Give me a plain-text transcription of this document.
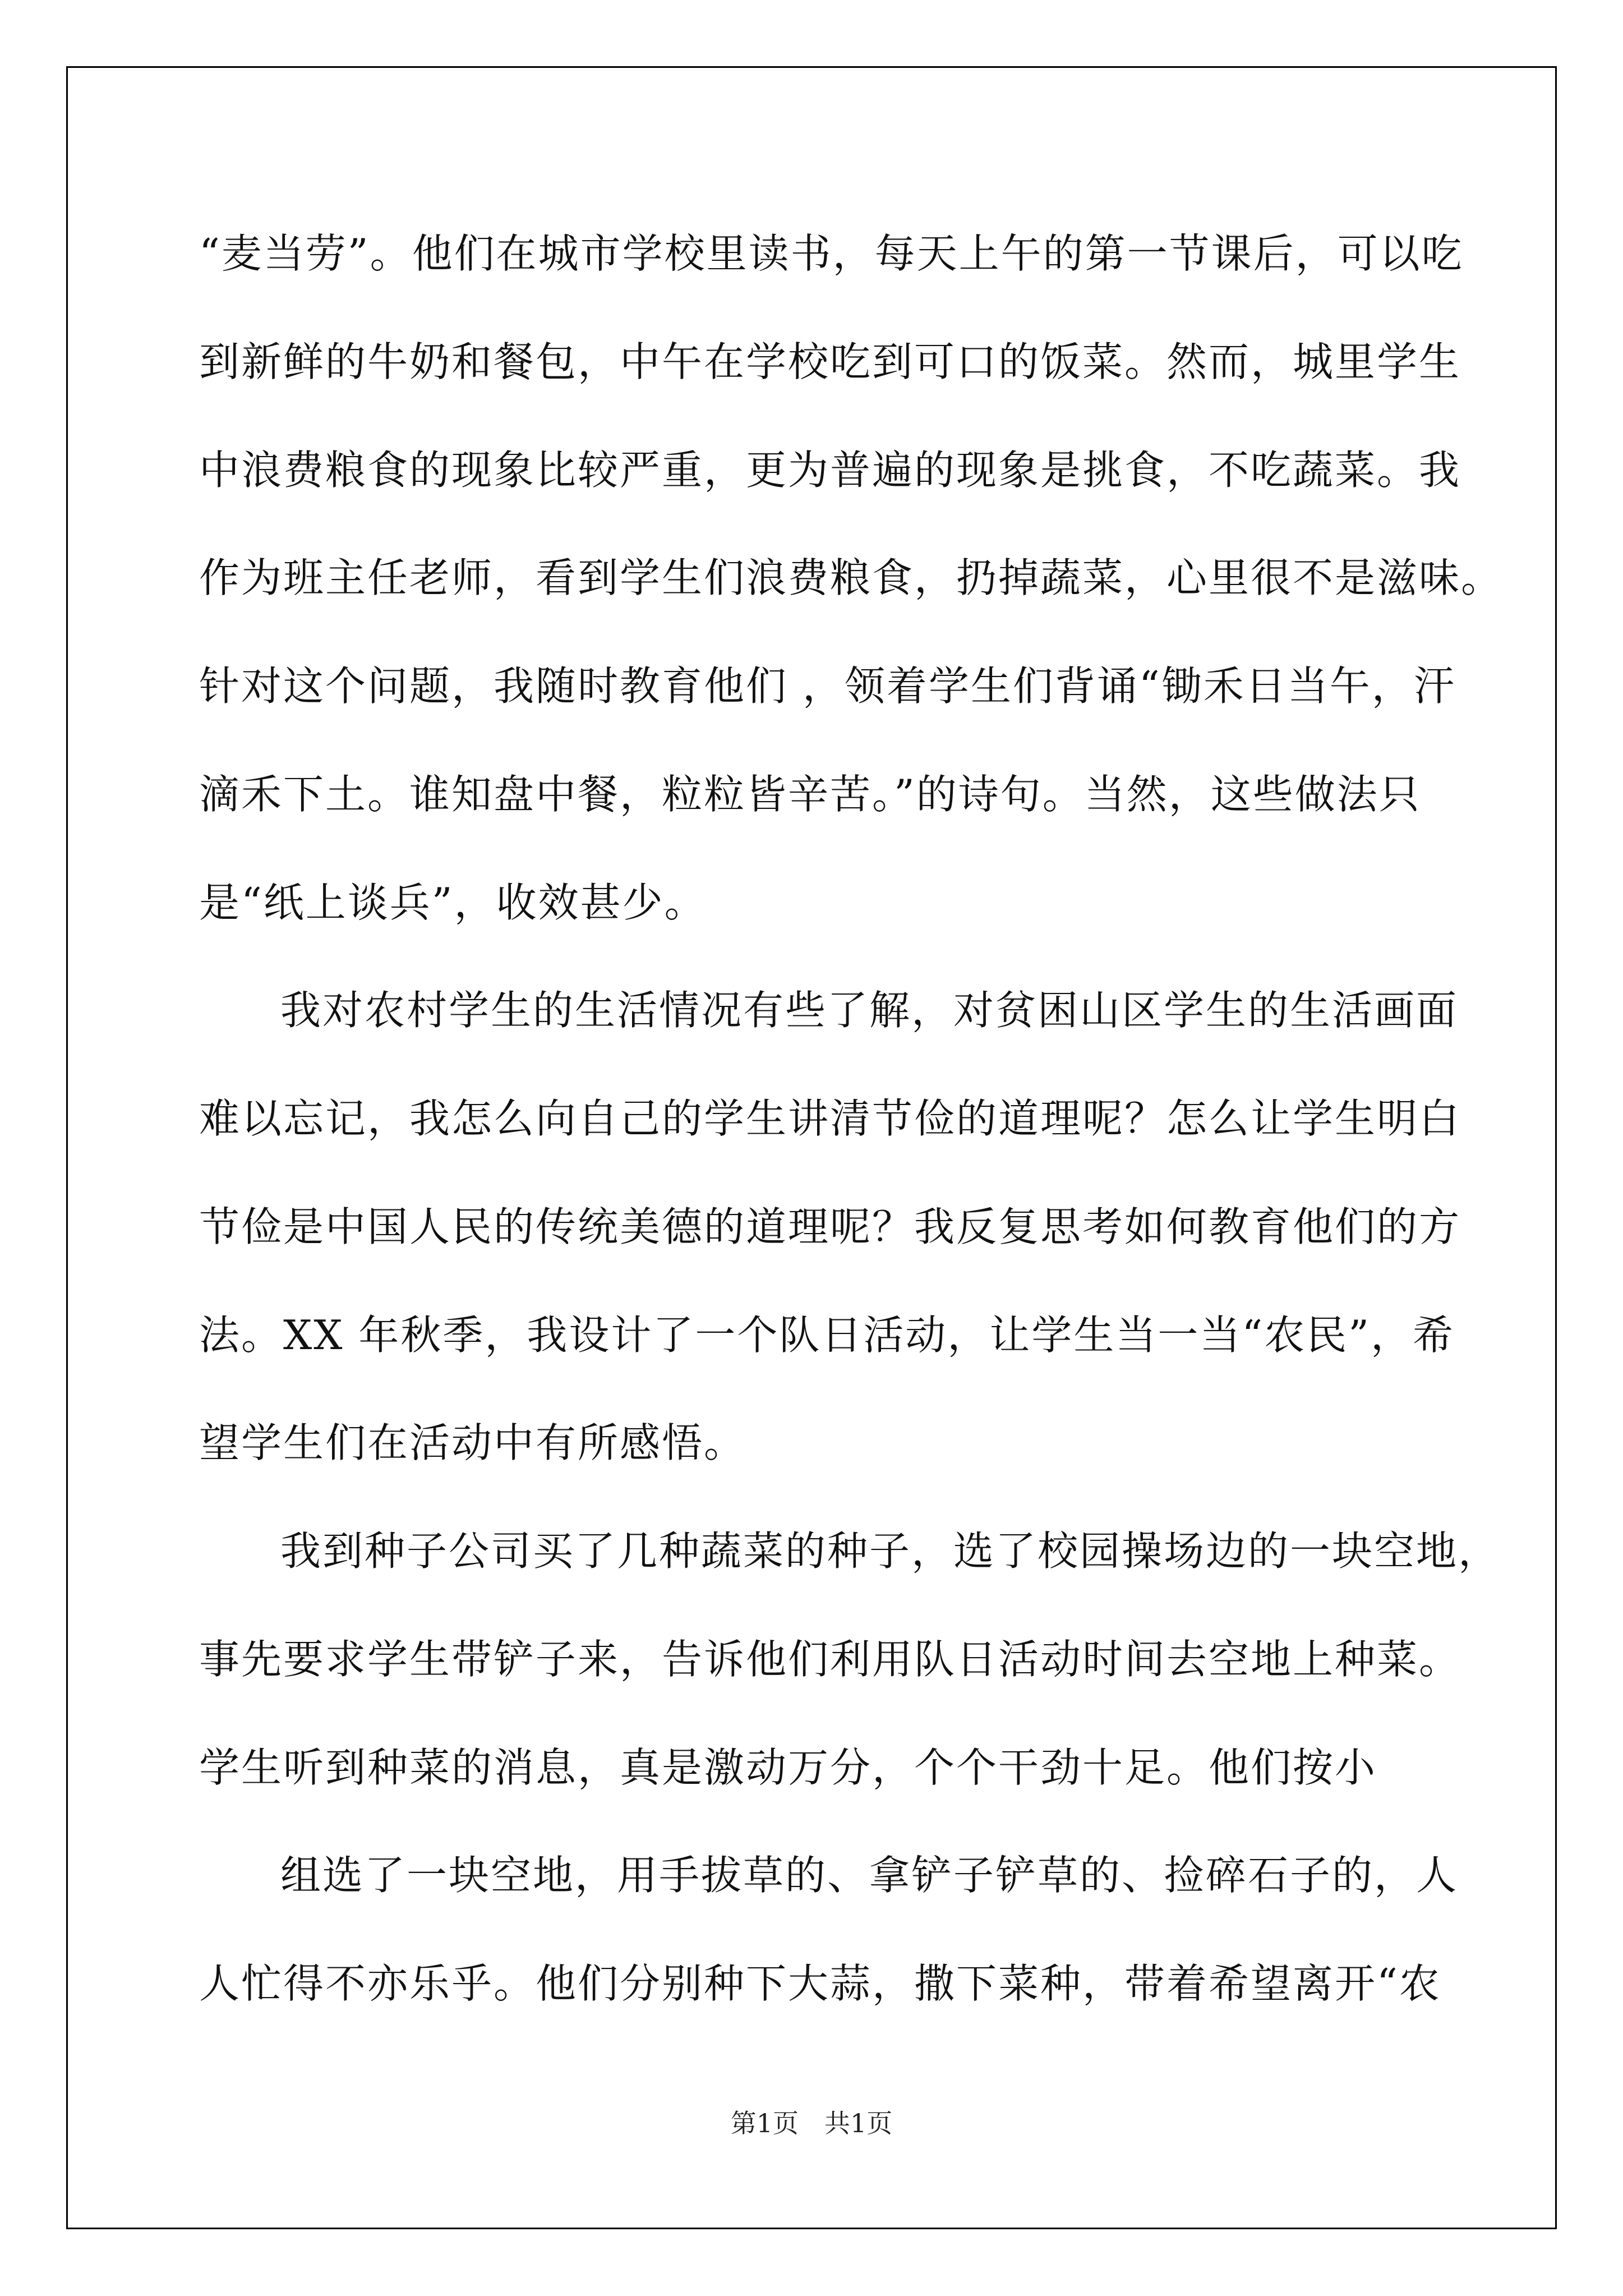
“麦当劳”。他们在城市学校里读书，每天上午的第一节课后，可以吃
到新鲜的牛奶和餐包，中午在学校吃到可口的饭菜。然而，城里学生
中浪费粮食的现象比较严重，更为普遍的现象是挑食，不吃蔬菜。我
作为班主任老师，看到学生们浪费粮食，扔掉蔬菜，心里很不是滋味。
针对这个问题，我随时教育他们 ，领着学生们背诵“锄禾日当午，汗
滴禾下土。谁知盘中餐，粒粒皆辛苦。”的诗句。当然，这些做法只
是“纸上谈兵”，收效甚少。
我对农村学生的生活情况有些了解，对贫困山区学生的生活画面
难以忘记，我怎么向自己的学生讲清节俭的道理呢？怎么让学生明白
节俭是中国人民的传统美德的道理呢？我反复思考如何教育他们的方
法。XX 年秋季，我设计了一个队日活动，让学生当一当“农民”，希
望学生们在活动中有所感悟。
我到种子公司买了几种蔬菜的种子，选了校园操场边的一块空地，
事先要求学生带铲子来，告诉他们利用队日活动时间去空地上种菜。
学生听到种菜的消息，真是激动万分，个个干劲十足。他们按小
组选了一块空地，用手拔草的、拿铲子铲草的、捡碎石子的，人
人忙得不亦乐乎。他们分别种下大蒜，撒下菜种，带着希望离开“农
第1页 共1页
